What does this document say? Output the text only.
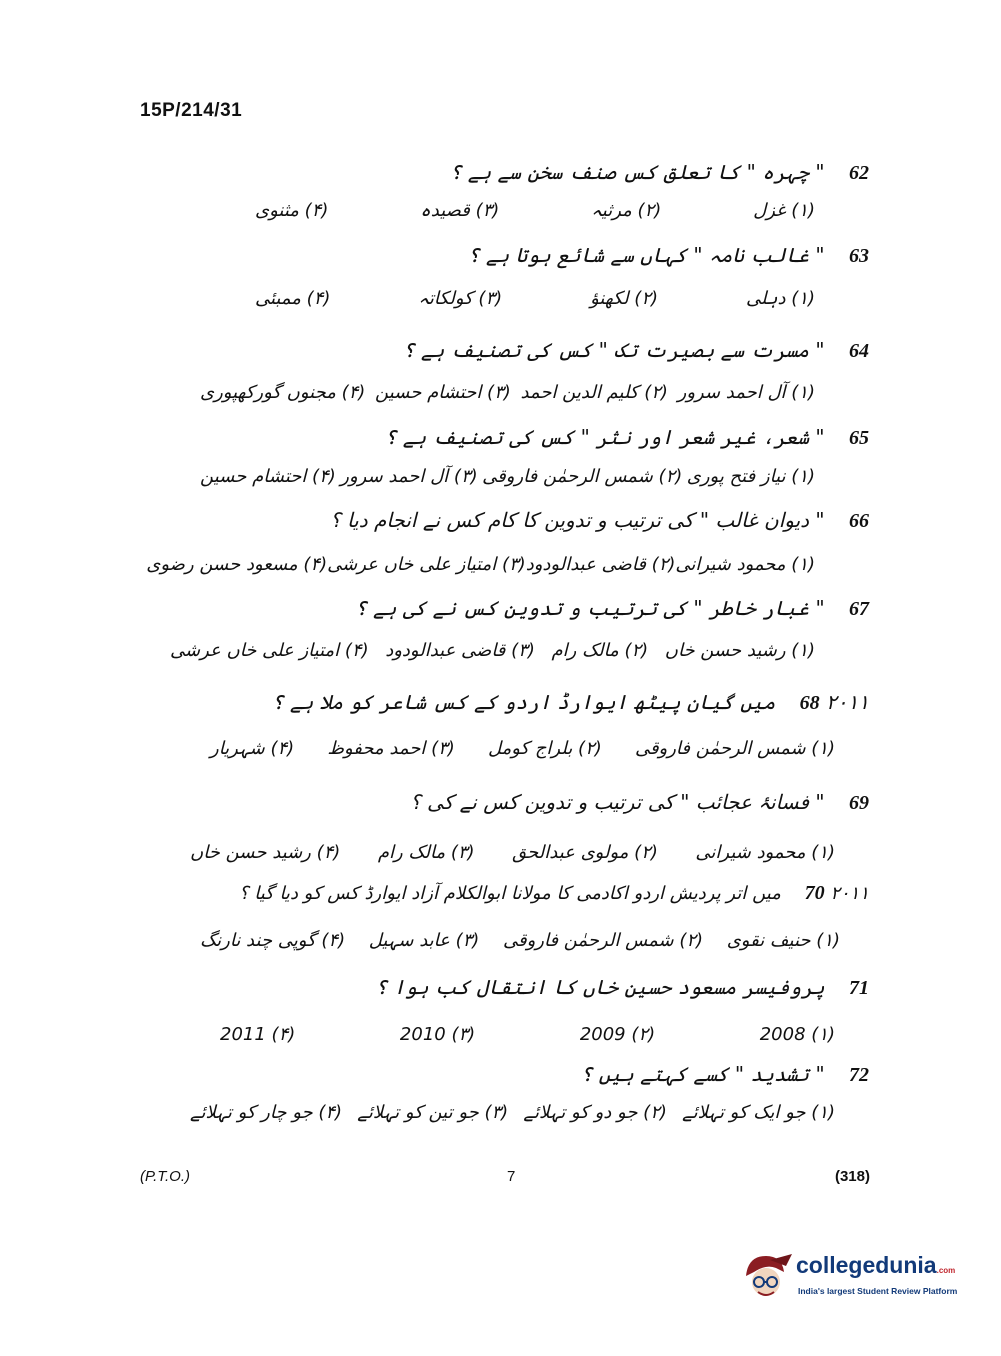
15P/214/31
62 " چہرہ " کا تعلق کس صنف سخن سے ہے ؟
(۱) غزل
(۲) مرثیہ
(۳) قصیدہ
(۴) مثنوی
63 " غالب نامہ " کہاں سے شائع ہوتا ہے ؟
(۱) دہلی
(۲) لکھنؤ
(۳) کولکاتہ
(۴) ممبئی
64 " مسرت سے بصیرت تک " کس کی تصنیف ہے ؟
(۱) آل احمد سرور
(۲) کلیم الدین احمد
(۳) احتشام حسین
(۴) مجنوں گورکھپوری
65 " شعر، غیر شعر اور نثر " کس کی تصنیف ہے ؟
(۱) نیاز فتح پوری
(۲) شمس الرحمٰن فاروقی
(۳) آل احمد سرور
(۴) احتشام حسین
66 " دیوان غالب " کی ترتیب و تدوین کا کام کس نے انجام دیا ؟
(۱) محمود شیرانی
(۲) قاضی عبدالودود
(۳) امتیاز علی خاں عرشی
(۴) مسعود حسن رضوی
67 " غبار خاطر " کی ترتیب و تدوین کس نے کی ہے ؟
(۱) رشید حسن خاں
(۲) مالک رام
(۳) قاضی عبدالودود
(۴) امتیاز علی خاں عرشی
68 ۲۰۱۱ میں گیان پیٹھ ایوارڈ اردو کے کس شاعر کو ملا ہے ؟
(۱) شمس الرحمٰن فاروقی
(۲) بلراج کومل
(۳) احمد محفوظ
(۴) شہریار
69 " فسانۂ عجائب " کی ترتیب و تدوین کس نے کی ؟
(۱) محمود شیرانی
(۲) مولوی عبدالحق
(۳) مالک رام
(۴) رشید حسن خاں
70 ۲۰۱۱ میں اتر پردیش اردو اکادمی کا مولانا ابوالکلام آزاد ایوارڈ کس کو دیا گیا ؟
(۱) حنیف نقوی
(۲) شمس الرحمٰن فاروقی
(۳) عابد سہیل
(۴) گوپی چند نارنگ
71 پروفیسر مسعود حسین خاں کا انتقال کب ہوا ؟
(۱) 2008
(۲) 2009
(۳) 2010
(۴) 2011
72 " تشدید " کسے کہتے ہیں ؟
(۱) جو ایک کو تہلائے
(۲) جو دو کو تہلائے
(۳) جو تین کو تہلائے
(۴) جو چار کو تہلائے
(P.T.O.)	7	(318)
collegedunia.com
India's largest Student Review Platform
